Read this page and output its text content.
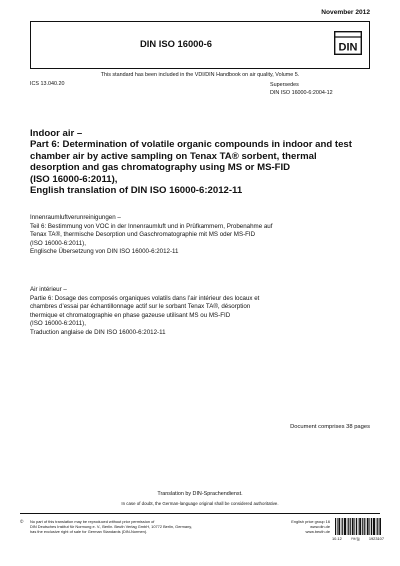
November 2012
DIN ISO 16000-6	DIN
This standard has been included in the VDI/DIN Handbook on air quality, Volume 5.
ICS 13.040.20	Supersedes
DIN ISO 16000-6:2004-12
Indoor air –
Part 6: Determination of volatile organic compounds in indoor and test
chamber air by active sampling on Tenax TA® sorbent, thermal
desorption and gas chromatography using MS or MS-FID
(ISO 16000-6:2011),
English translation of DIN ISO 16000-6:2012-11
Innenraumluftverunreinigungen –
Teil 6: Bestimmung von VOC in der Innenraumluft und in Prüfkammern, Probenahme auf
Tenax TA®, thermische Desorption und Gaschromatographie mit MS oder MS-FID
(ISO 16000-6:2011),
Englische Übersetzung von DIN ISO 16000-6:2012-11
Air intérieur –
Partie 6: Dosage des composés organiques volatils dans l’air intérieur des locaux et
chambres d’essai par échantillonnage actif sur le sorbant Tenax TA®, désorption
thermique et chromatographie en phase gazeuse utilisant MS ou MS-FID
(ISO 16000-6:2011),
Traduction anglaise de DIN ISO 16000-6:2012-11
Document comprises 38 pages
Translation by DIN-Sprachendienst.
In case of doubt, the German-language original shall be considered authoritative.
© No part of this translation may be reproduced without prior permission of
DIN Deutsches Institut für Normung e. V., Berlin. Beuth Verlag GmbH, 10772 Berlin, Germany,
has the exclusive right of sale for German Standards (DIN-Normen).
English price group 16
www.din.de
www.beuth.de
10.12 !%’§j 1923107
